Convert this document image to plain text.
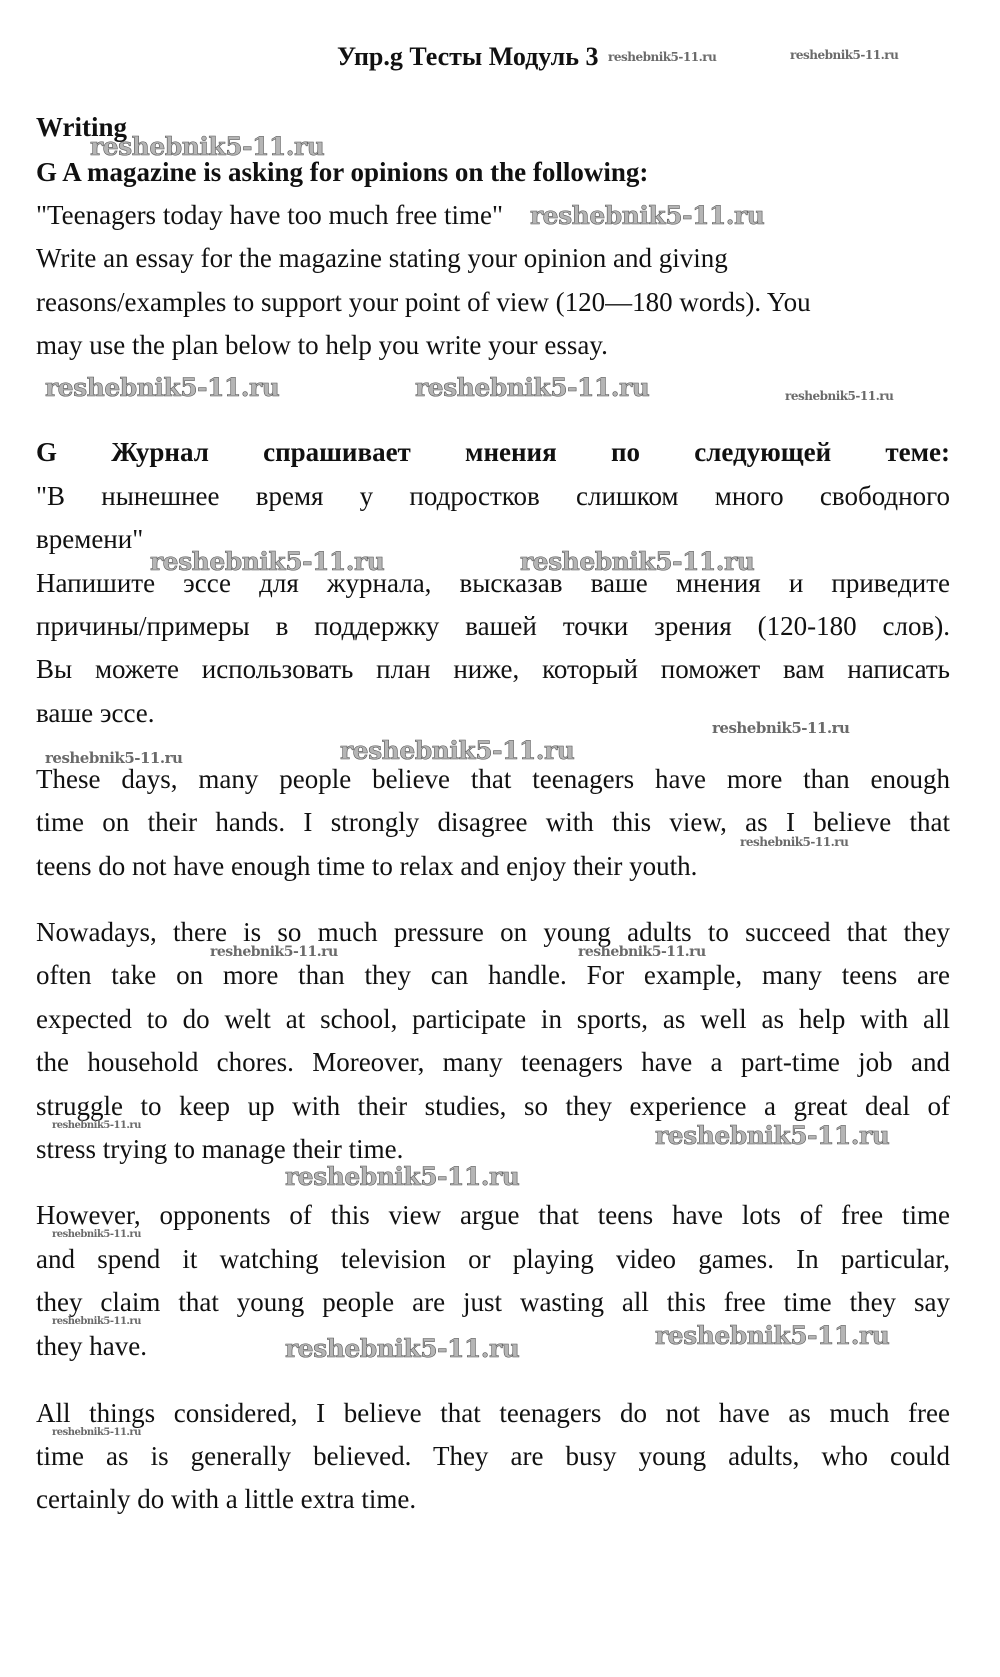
Упр.g Тесты Модуль 3 reshebnik5-11.ru	reshebnik5-11.ru
Writing
reshebnik5-11.ru
G A magazine is asking for opinions on the following:
"Teenagers today have too much free time" reshebnik5-11.ru
Write an essay for the magazine stating your opinion and giving
reasons/examples to support your point of view (120—180 words). You
may use the plan below to help you write your essay.
reshebnik5-11.ru	reshebnik5-11.ru	reshebnik5-11.ru
G Журнал спрашивает мнения по следующей теме:
"В нынешнее время у подростков слишком много свободного
времени"
reshebnik5-11.ru	reshebnik5-11.ru
Напишите эссе для журнала, высказав ваше мнения и приведите
причины/примеры в поддержку вашей точки зрения (120-180 слов).
Вы можете использовать план ниже, который поможет вам написать
ваше эссе.	reshebnik5-11.ru
reshebnik5-11.ru	reshebnik5-11.ru
These days, many people believe that teenagers have more than enough
time on their hands. I strongly disagree with this view, as I believe that
reshebnik5-11.ru
teens do not have enough time to relax and enjoy their youth.
Nowadays, there is so much pressure on young adults to succeed that they
reshebnik5-11.ru	reshebnik5-11.ru
often take on more than they can handle. For example, many teens are
expected to do welt at school, participate in sports, as well as help with all
the household chores. Moreover, many teenagers have a part-time job and
struggle to keep up with their studies, so they experience a great deal of
reshebnik5-11.ru
stress trying to manage their time.	reshebnik5-11.ru
reshebnik5-11.ru
However, opponents of this view argue that teens have lots of free time
reshebnik5-11.ru
and spend it watching television or playing video games. In particular,
they claim that young people are just wasting all this free time they say
reshebnik5-11.ru
they have.	reshebnik5-11.ru	reshebnik5-11.ru
All things considered, I believe that teenagers do not have as much free
reshebnik5-11.ru
time as is generally believed. They are busy young adults, who could
certainly do with a little extra time.
